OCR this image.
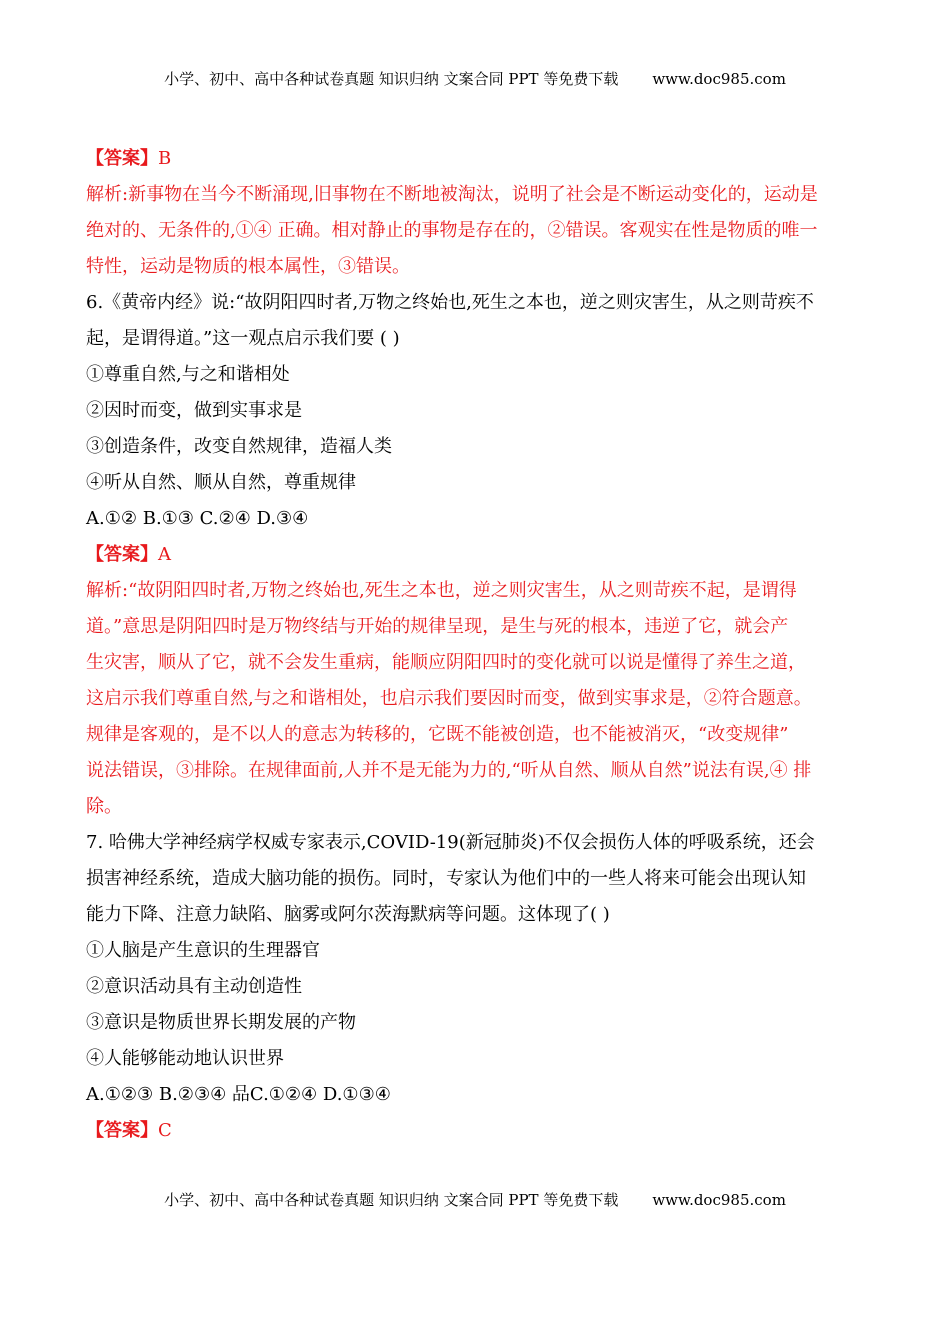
小学、初中、高中各种试卷真题 知识归纳 文案合同 PPT 等免费下载 www.doc985.com
【答案】B
解析:新事物在当今不断涌现,旧事物在不断地被淘汰，说明了社会是不断运动变化的，运动是
绝对的、无条件的,①④ 正确。相对静止的事物是存在的，②错误。客观实在性是物质的唯一
特性，运动是物质的根本属性，③错误。
6.《黄帝内经》说:“故阴阳四时者,万物之终始也,死生之本也，逆之则灾害生，从之则苛疾不
起，是谓得道。”这一观点启示我们要 ( )
①尊重自然,与之和谐相处
②因时而变，做到实事求是
③创造条件，改变自然规律，造福人类
④听从自然、顺从自然，尊重规律
A.①② B.①③ C.②④ D.③④
【答案】A
解析:“故阴阳四时者,万物之终始也,死生之本也，逆之则灾害生，从之则苛疾不起，是谓得
道。”意思是阴阳四时是万物终结与开始的规律呈现，是生与死的根本，违逆了它，就会产
生灾害，顺从了它，就不会发生重病，能顺应阴阳四时的变化就可以说是懂得了养生之道，
这启示我们尊重自然,与之和谐相处，也启示我们要因时而变，做到实事求是，②符合题意。
规律是客观的，是不以人的意志为转移的，它既不能被创造，也不能被消灭，“改变规律”
说法错误，③排除。在规律面前,人并不是无能为力的,“听从自然、顺从自然”说法有误,④ 排
除。
7. 哈佛大学神经病学权威专家表示,COVID-19(新冠肺炎)不仅会损伤人体的呼吸系统，还会
损害神经系统，造成大脑功能的损伤。同时，专家认为他们中的一些人将来可能会出现认知
能力下降、注意力缺陷、脑雾或阿尔茨海默病等问题。这体现了( )
①人脑是产生意识的生理器官
②意识活动具有主动创造性
③意识是物质世界长期发展的产物
④人能够能动地认识世界
A.①②③ B.②③④ 品C.①②④ D.①③④
【答案】C
小学、初中、高中各种试卷真题 知识归纳 文案合同 PPT 等免费下载 www.doc985.com
